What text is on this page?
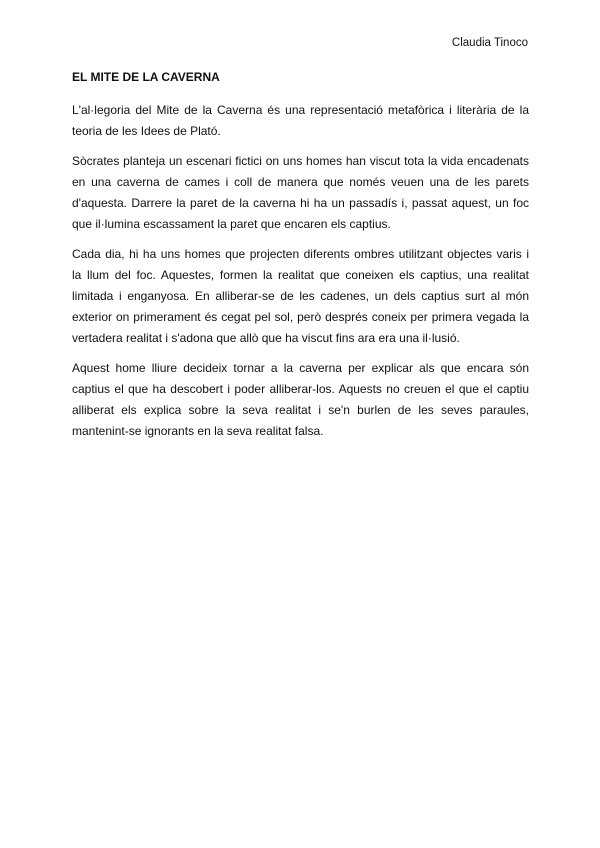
Claudia Tinoco
EL MITE DE LA CAVERNA

L'al·legoria del Mite de la Caverna és una representació metafòrica i literària de la
teoria de les Idees de Plató.

Sòcrates planteja un escenari fictici on uns homes han viscut tota la vida encadenats
en una caverna de cames i coll de manera que només veuen una de les parets
d'aquesta. Darrere la paret de la caverna hi ha un passadís i, passat aquest, un foc
que il·lumina escassament la paret que encaren els captius.

Cada dia, hi ha uns homes que projecten diferents ombres utilitzant objectes varis i
la llum del foc. Aquestes, formen la realitat que coneixen els captius, una realitat
limitada i enganyosa. En alliberar-se de les cadenes, un dels captius surt al món
exterior on primerament és cegat pel sol, però després coneix per primera vegada la
vertadera realitat i s'adona que allò que ha viscut fins ara era una il·lusió.

Aquest home lliure decideix tornar a la caverna per explicar als que encara són
captius el que ha descobert i poder alliberar-los. Aquests no creuen el que el captiu
alliberat els explica sobre la seva realitat i se'n burlen de les seves paraules,
mantenint-se ignorants en la seva realitat falsa.
